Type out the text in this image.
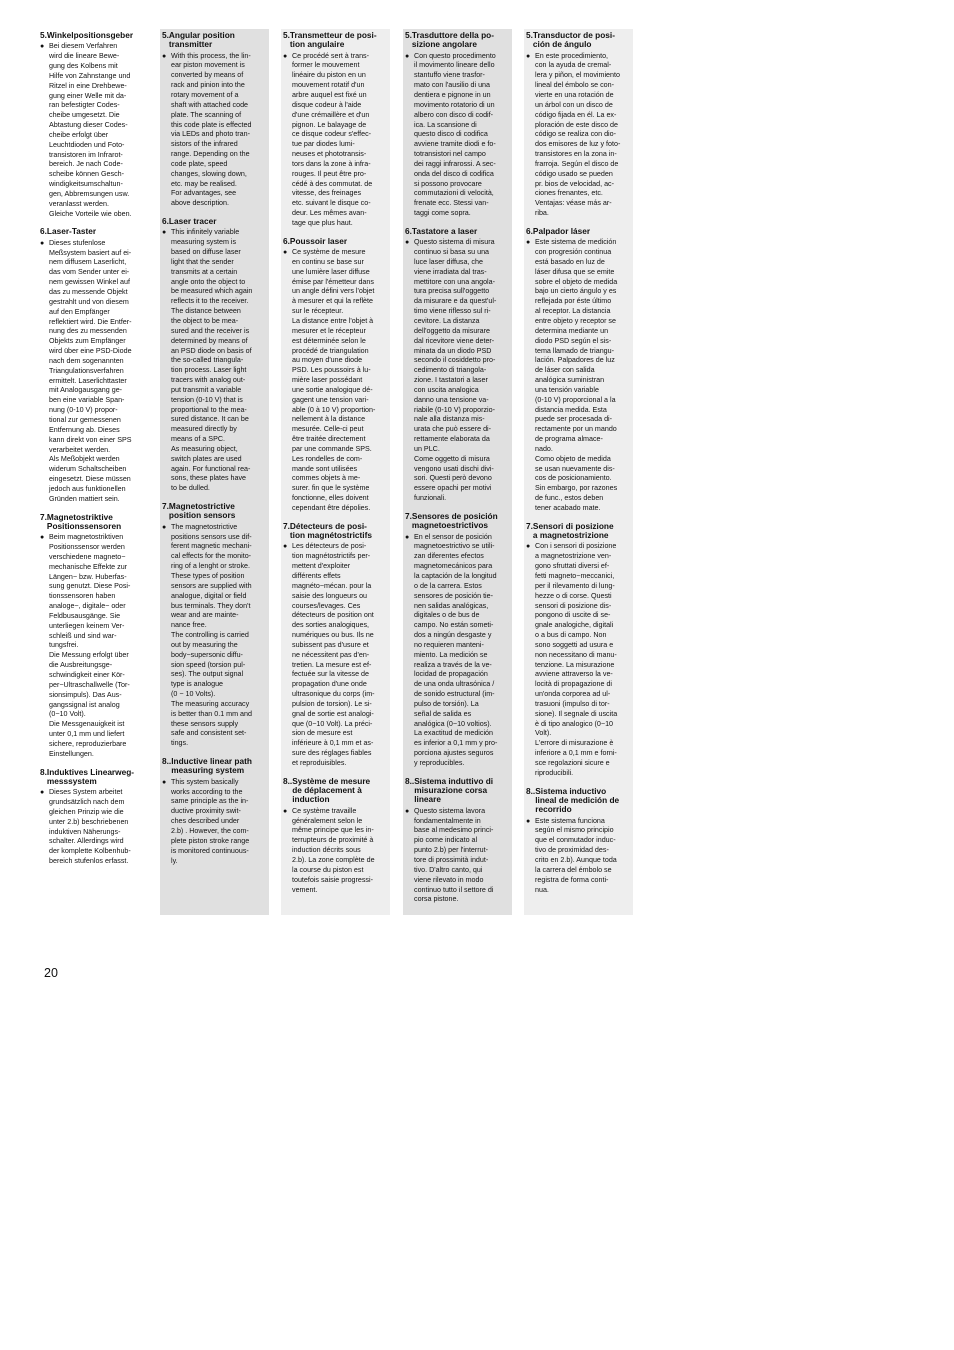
5. Winkelpositionsgeber
● Bei diesem Verfahren
wird die lineare Bewe-
gung des Kolbens mit
Hilfe von Zahnstange und
Ritzel in eine Drehbewe-
gung einer Welle mit da-
ran befestigter Codes-
cheibe umgesetzt. Die
Abtastung dieser Codes-
cheibe erfolgt über
Leuchtdioden und Foto-
transistoren im Infrarot-
bereich. Je nach Code-
scheibe können Gesch-
windigkeitsumschaltun-
gen, Abbremsungen usw.
veranlasst werden.
Gleiche Vorteile wie oben.
6. Laser-Taster
● Dieses stufenlose
Meßsystem basiert auf ei-
nem diffusem Laserlicht,
das vom Sender unter ei-
nem gewissen Winkel auf
das zu messende Objekt
gestrahlt und von diesem
auf den Empfänger
reflektiert wird. Die Entfer-
nung des zu messenden
Objekts zum Empfänger
wird über eine PSD-Diode
nach dem sogenannten
Triangulationsverfahren
ermittelt. Laserlichttaster
mit Analogausgang ge-
ben eine variable Span-
nung (0-10 V) propor-
tional zur gemessenen
Entfernung ab. Dieses
kann direkt von einer SPS
verarbeitet werden.
Als Meßobjekt werden
widerum Schaltscheiben
eingesetzt. Diese müssen
jedoch aus funktionellen
Gründen mattiert sein.
7. Magnetostriktive
Positionssensoren
● Beim magnetostriktiven
Positionssensor werden
verschiedene magneto−
mechanische Effekte zur
Längen− bzw. Huberfas-
sung genutzt. Diese Posi-
tionssensoren haben
analoge−, digitale− oder
Feldbusausgänge. Sie
unterliegen keinem Ver-
schleiß und sind war-
tungsfrei.
Die Messung erfolgt über
die Ausbreitungsge-
schwindigkeit einer Kör-
per−Ultraschallwelle (Tor-
sionsimpuls). Das Aus-
gangssignal ist analog
(0−10 Volt).
Die Messgenauigkeit ist
unter 0,1 mm und liefert
sichere, reproduzierbare
Einstellungen.
8. Induktives Linearweg-
messsystem
● Dieses System arbeitet
grundsätzlich nach dem
gleichen Prinzip wie die
unter 2.b) beschriebenen
induktiven Näherungs-
schalter. Allerdings wird
der komplette Kolbenhub-
bereich stufenlos erfasst.
5. Angular position
transmitter
● With this process, the lin-
ear piston movement is
converted by means of
rack and pinion into the
rotary movement of a
shaft with attached code
plate. The scanning of
this code plate is effected
via LEDs and photo tran-
sistors of the infrared
range. Depending on the
code plate, speed
changes, slowing down,
etc. may be realised.
For advantages, see
above description.
6. Laser tracer
● This infinitely variable
measuring system is
based on diffuse laser
light that the sender
transmits at a certain
angle onto the object to
be measured which again
reflects it to the receiver.
The distance between
the object to be mea-
sured and the receiver is
determined by means of
an PSD diode on basis of
the so-called triangula-
tion process. Laser light
tracers with analog out-
put transmit a variable
tension (0-10 V) that is
proportional to the mea-
sured distance. It can be
measured directly by
means of a SPC.
As measuring object,
switch plates are used
again. For functional rea-
sons, these plates have
to be dulled.
7. Magnetostrictive
position sensors
● The magnetostrictive
positions sensors use dif-
ferent magnetic mechani-
cal effects for the monito-
ring of a lenght or stroke.
These types of position
sensors are supplied with
analogue, digital or field
bus terminals. They don't
wear and are mainte-
nance free.
The controlling is carried
out by measuring the
body−supersonic diffu-
sion speed (torsion pul-
ses). The output signal
type is analogue
(0 − 10 Volts).
The measuring accuracy
is better than 0.1 mm and
these sensors supply
safe and consistent set-
tings.
8.. Inductive linear path
measuring system
● This system basically
works according to the
same principle as the in-
ductive proximity swit-
ches described under
2.b) . However, the com-
plete piston stroke range
is monitored continuous-
ly.
5. Transmetteur de posi-
tion angulaire
● Ce procédé sert à trans-
former le mouvement
linéaire du piston en un
mouvement rotatif d'un
arbre auquel est fixé un
disque codeur à l'aide
d'une crémaillère et d'un
pignon. Le balayage de
ce disque codeur s'effec-
tue par diodes lumi-
neuses et phototransis-
tors dans la zone à infra-
rouges. Il peut être pro-
cédé à des commutat. de
vitesse, des freinages
etc. suivant le disque co-
deur. Les mêmes avan-
tage que plus haut.
6. Poussoir laser
● Ce système de mesure
en continu se base sur
une lumière laser diffuse
émise par l'émetteur dans
un angle défini vers l'objet
à mesurer et qui la reflète
sur le récepteur.
La distance entre l'objet à
mesurer et le récepteur
est déterminée selon le
procédé de triangulation
au moyen d'une diode
PSD. Les poussoirs à lu-
mière laser possédant
une sortie analogique dé-
gagent une tension vari-
able (0 à 10 V) proportion-
nellement à la distance
mesurée. Celle-ci peut
être traitée directement
par une commande SPS.
Les rondelles de com-
mande sont utilisées
commes objets à me-
surer. fin que le système
fonctionne, elles doivent
cependant être dépolies.
7. Détecteurs de posi-
tion magnétostrictifs
● Les détecteurs de posi-
tion magnétostrictifs per-
mettent d'exploiter
différents effets
magnéto−mécan. pour la
saisie des longueurs ou
courses/levages. Ces
détecteurs de position ont
des sorties analogiques,
numériques ou bus. Ils ne
subissent pas d'usure et
ne nécessitent pas d'en-
tretien. La mesure est ef-
fectuée sur la vitesse de
propagation d'une onde
ultrasonique du corps (im-
pulsion de torsion). Le si-
gnal de sortie est analogi-
que (0−10 Volt). La préci-
sion de mesure est
inférieure à 0,1 mm et as-
sure des réglages fiables
et reproduisibles.
8.. Système de mesure
de déplacement à
induction
● Ce système travaille
généralement selon le
même principe que les in-
terrupteurs de proximité à
induction décrits sous
2.b). La zone complète de
la course du piston est
toutefois saisie progressi-
vement.
5. Trasduttore della po-
sizione angolare
● Con questo procedimento
il movimento lineare dello
stantuffo viene trasfor-
mato con l'ausilio di una
dentiera e pignone in un
movimento rotatorio di un
albero con disco di codif-
ica. La scansione di
questo disco di codifica
avviene tramite diodi e fo-
totransistori nel campo
dei raggi infrarossi. A sec-
onda del disco di codifica
si possono provocare
commutazioni di velocità,
frenate ecc. Stessi van-
taggi come sopra.
6. Tastatore a laser
● Questo sistema di misura
continuo si basa su una
luce laser diffusa, che
viene irradiata dal tras-
mettitore con una angola-
tura precisa sull'oggetto
da misurare e da quest'ul-
timo viene riflesso sul ri-
cevitore. La distanza
dell'oggetto da misurare
dal ricevitore viene deter-
minata da un diodo PSD
secondo il cosiddetto pro-
cedimento di triangola-
zione. I tastatori a laser
con uscita analogica
danno una tensione va-
riabile (0-10 V) proporzio-
nale alla distanza mis-
urata che può essere di-
rettamente elaborata da
un PLC.
Come oggetto di misura
vengono usati dischi divi-
sori. Questi però devono
essere opachi per motivi
funzionali.
7. Sensores de posición
magnetoestrictivos
● En el sensor de posición
magnetoestrictivo se utili-
zan diferentes efectos
magnetomecánicos para
la captación de la longitud
o de la carrera. Estos
sensores de posición tie-
nen salidas analógicas,
digitales o de bus de
campo. No están someti-
dos a ningún desgaste y
no requieren manteni-
miento. La medición se
realiza a través de la ve-
locidad de propagación
de una onda ultrasónica /
de sonido estructural (im-
pulso de torsión). La
señal de salida es
analógica (0−10 voltios).
La exactitud de medición
es inferior a 0,1 mm y pro-
porciona ajustes seguros
y reproducibles.
8.. Sistema induttivo di
misurazione corsa
lineare
● Questo sistema lavora
fondamentalmente in
base al medesimo princi-
pio come indicato al
punto 2.b) per l'interrut-
tore di prossimità indut-
tivo. D'altro canto, qui
viene rilevato in modo
continuo tutto il settore di
corsa pistone.
5. Transductor de posi-
ción de ángulo
● En este procedimiento,
con la ayuda de cremal-
lera y piñon, el movimiento
lineal del émbolo se con-
vierte en una rotación de
un árbol con un disco de
código fijada en él. La ex-
ploración de este disco de
código se realiza con dio-
dos emisores de luz y foto-
transistores en la zona in-
frarroja. Según el disco de
código usado se pueden
pr. bios de velocidad, ac-
ciones frenantes, etc.
Ventajas: véase más ar-
riba.
6. Palpador láser
● Este sistema de medición
con progresión continua
está basado en luz de
láser difusa que se emite
sobre el objeto de medida
bajo un cierto ángulo y es
reflejada por éste último
al receptor. La distancia
entre objeto y receptor se
determina mediante un
diodo PSD según el sis-
tema llamado de triangu-
lación. Palpadores de luz
de láser con salida
analógica suministran
una tensión variable
(0-10 V) proporcional a la
distancia medida. Esta
puede ser procesada di-
rectamente por un mando
de programa almace-
nado.
Como objeto de medida
se usan nuevamente dis-
cos de posicionamiento.
Sin embargo, por razones
de func., estos deben
tener acabado mate.
7. Sensori di posizione
a magnetostrizione
● Con i sensori di posizione
a magnetostrizione ven-
gono sfruttati diversi ef-
fetti magneto−meccanici,
per il rilevamento di lung-
hezze o di corse. Questi
sensori di posizione dis-
pongono di uscite di se-
gnale analogiche, digitali
o a bus di campo. Non
sono soggetti ad usura e
non necessitano di manu-
tenzione. La misurazione
avviene attraverso la ve-
locità di propagazione di
un'onda corporea ad ul-
trasuoni (impulso di tor-
sione). Il segnale di uscita
è di tipo analogico (0−10
Volt).
L'errore di misurazione è
inferiore a 0,1 mm e forni-
sce regolazioni sicure e
riproducibili.
8.. Sistema inductivo
lineal de medición de
recorrido
● Este sistema funciona
según el mismo principio
que el conmutador induc-
tivo de proximidad des-
crito en 2.b). Aunque toda
la carrera del émbolo se
registra de forma conti-
nua.
20
